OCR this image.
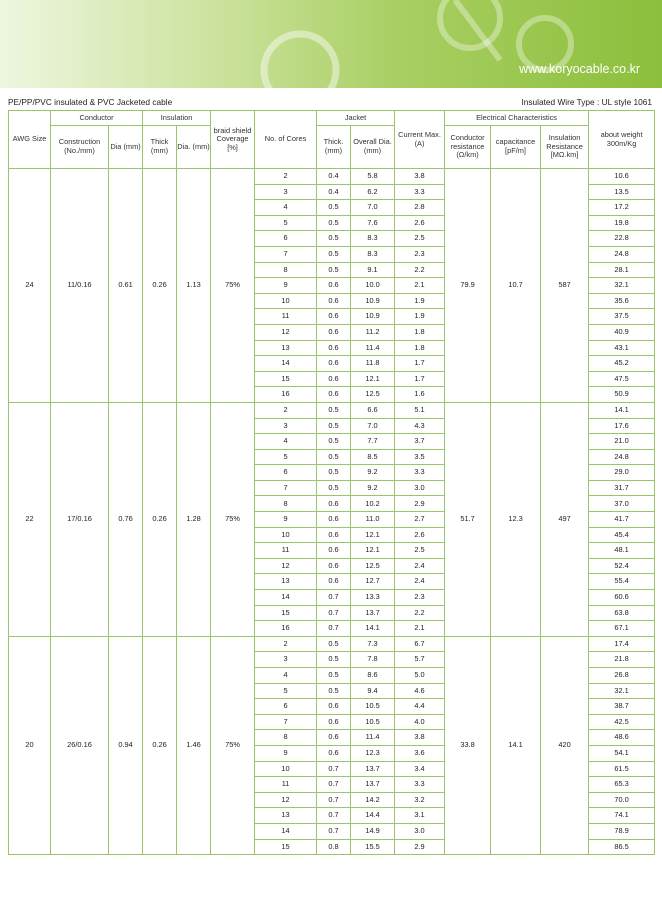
www.koryocable.co.kr
PE/PP/PVC insulated & PVC Jacketed cable	Insulated Wire Type : UL style 1061
AWG Size	Conductor		Insulation		braid shield Coverage [%]	No. of Cores	Jacket		Current Max.(A)	Electrical Characteristics			about weight 300m/Kg
	Construction (No./mm)	Dia (mm)	Thick (mm)	Dia. (mm)			Thick. (mm)	Overall Dia.(mm)		Conductor resistance (Ω/km)	capacitance [pF/m]	Insulation Resistance [MΩ.km]	
24	11/0.16	0.61	0.26	1.13	75%	2	0.4	5.8	3.8	79.9	10.7	587	10.6
						3	0.4	6.2	3.3				13.5
						4	0.5	7.0	2.8				17.2
						5	0.5	7.6	2.6				19.8
						6	0.5	8.3	2.5				22.8
						7	0.5	8.3	2.3				24.8
						8	0.5	9.1	2.2				28.1
						9	0.6	10.0	2.1				32.1
						10	0.6	10.9	1.9				35.6
						11	0.6	10.9	1.9				37.5
						12	0.6	11.2	1.8				40.9
						13	0.6	11.4	1.8				43.1
						14	0.6	11.8	1.7				45.2
						15	0.6	12.1	1.7				47.5
						16	0.6	12.5	1.6				50.9
22	17/0.16	0.76	0.26	1.28	75%	2	0.5	6.6	5.1	51.7	12.3	497	14.1
						3	0.5	7.0	4.3				17.6
						4	0.5	7.7	3.7				21.0
						5	0.5	8.5	3.5				24.8
						6	0.5	9.2	3.3				29.0
						7	0.5	9.2	3.0				31.7
						8	0.6	10.2	2.9				37.0
						9	0.6	11.0	2.7				41.7
						10	0.6	12.1	2.6				45.4
						11	0.6	12.1	2.5				48.1
						12	0.6	12.5	2.4				52.4
						13	0.6	12.7	2.4				55.4
						14	0.7	13.3	2.3				60.6
						15	0.7	13.7	2.2				63.8
						16	0.7	14.1	2.1				67.1
20	26/0.16	0.94	0.26	1.46	75%	2	0.5	7.3	6.7	33.8	14.1	420	17.4
						3	0.5	7.8	5.7				21.8
						4	0.5	8.6	5.0				26.8
						5	0.5	9.4	4.6				32.1
						6	0.6	10.5	4.4				38.7
						7	0.6	10.5	4.0				42.5
						8	0.6	11.4	3.8				48.6
						9	0.6	12.3	3.6				54.1
						10	0.7	13.7	3.4				61.5
						11	0.7	13.7	3.3				65.3
						12	0.7	14.2	3.2				70.0
						13	0.7	14.4	3.1				74.1
						14	0.7	14.9	3.0				78.9
						15	0.8	15.5	2.9				86.5
